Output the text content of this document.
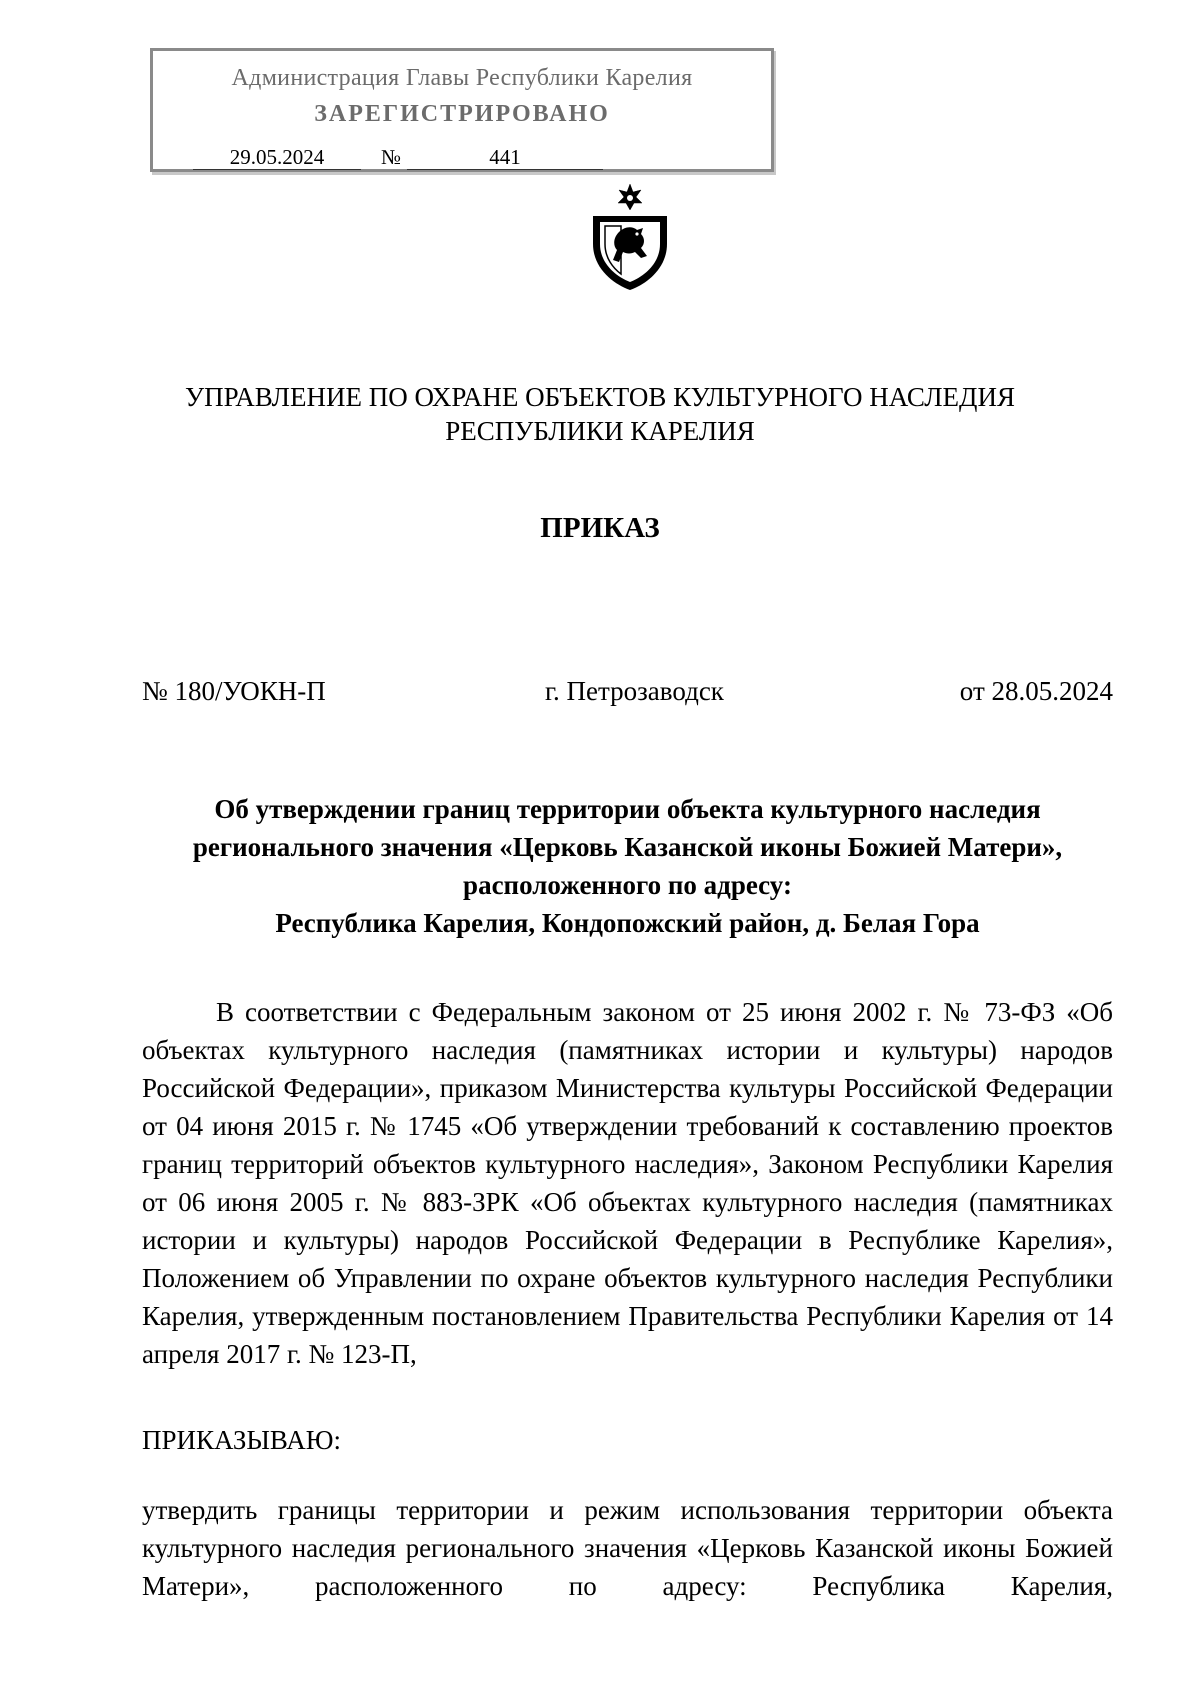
Администрация Главы Республики Карелия
ЗАРЕГИСТРИРОВАНО
29.05.2024	№	441
УПРАВЛЕНИЕ ПО ОХРАНЕ ОБЪЕКТОВ КУЛЬТУРНОГО НАСЛЕДИЯ
РЕСПУБЛИКИ КАРЕЛИЯ
ПРИКАЗ
№ 180/УОКН-П	г. Петрозаводск	от 28.05.2024
Об утверждении границ территории объекта культурного наследия
регионального значения «Церковь Казанской иконы Божией Матери»,
расположенного по адресу:
Республика Карелия, Кондопожский район, д. Белая Гора
В соответствии с Федеральным законом от 25 июня 2002 г. № 73-ФЗ «Об объектах культурного наследия (памятниках истории и культуры) народов Российской Федерации», приказом Министерства культуры Российской Федерации от 04 июня 2015 г. № 1745 «Об утверждении требований к составлению проектов границ территорий объектов культурного наследия», Законом Республики Карелия от 06 июня 2005 г. № 883-ЗРК «Об объектах культурного наследия (памятниках истории и культуры) народов Российской Федерации в Республике Карелия», Положением об Управлении по охране объектов культурного наследия Республики Карелия, утвержденным постановлением Правительства Республики Карелия от 14 апреля 2017 г. № 123-П,
ПРИКАЗЫВАЮ:
утвердить границы территории и режим использования территории объекта культурного наследия регионального значения «Церковь Казанской иконы Божией Матери», расположенного по адресу: Республика Карелия,
